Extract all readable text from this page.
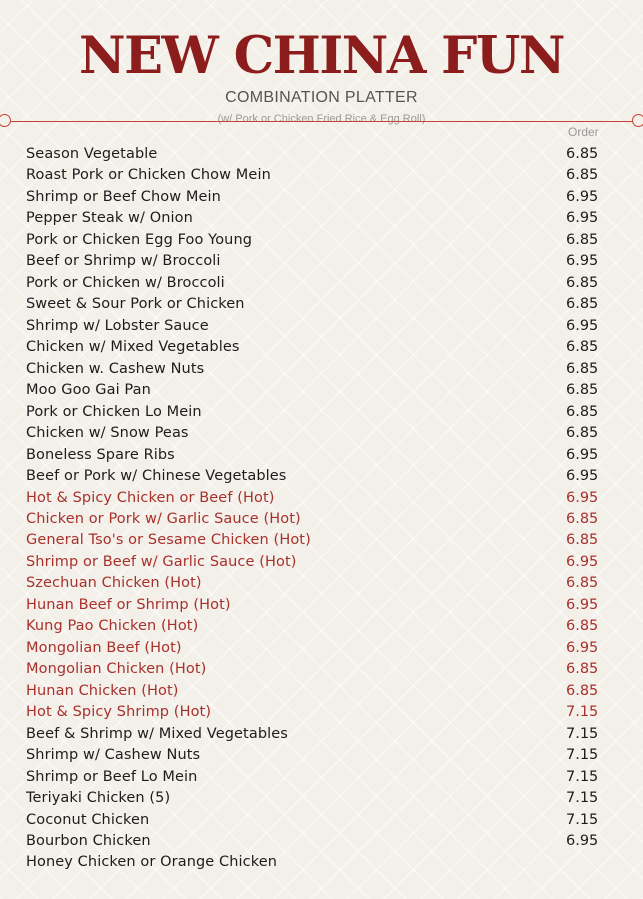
NEW CHINA FUN
COMBINATION PLATTER
(w/ Pork or Chicken Fried Rice & Egg Roll)
Order
Season Vegetable	6.85
Roast Pork or Chicken Chow Mein	6.85
Shrimp or Beef Chow Mein	6.95
Pepper Steak w/ Onion	6.95
Pork or Chicken Egg Foo Young	6.85
Beef or Shrimp w/ Broccoli	6.95
Pork or Chicken w/ Broccoli	6.85
Sweet & Sour Pork or Chicken	6.85
Shrimp w/ Lobster Sauce	6.95
Chicken w/ Mixed Vegetables	6.85
Chicken w. Cashew Nuts	6.85
Moo Goo Gai Pan	6.85
Pork or Chicken Lo Mein	6.85
Chicken w/ Snow Peas	6.85
Boneless Spare Ribs	6.95
Beef or Pork w/ Chinese Vegetables	6.95
Hot & Spicy Chicken or Beef (Hot)	6.95
Chicken or Pork w/ Garlic Sauce (Hot)	6.85
General Tso's or Sesame Chicken (Hot)	6.85
Shrimp or Beef w/ Garlic Sauce (Hot)	6.95
Szechuan Chicken (Hot)	6.85
Hunan Beef or Shrimp (Hot)	6.95
Kung Pao Chicken (Hot)	6.85
Mongolian Beef (Hot)	6.95
Mongolian Chicken (Hot)	6.85
Hunan Chicken (Hot)	6.85
Hot & Spicy Shrimp (Hot)	7.15
Beef & Shrimp w/ Mixed Vegetables	7.15
Shrimp w/ Cashew Nuts	7.15
Shrimp or Beef Lo Mein	7.15
Teriyaki Chicken (5)	7.15
Coconut Chicken	7.15
Bourbon Chicken	6.95
Honey Chicken or Orange Chicken
